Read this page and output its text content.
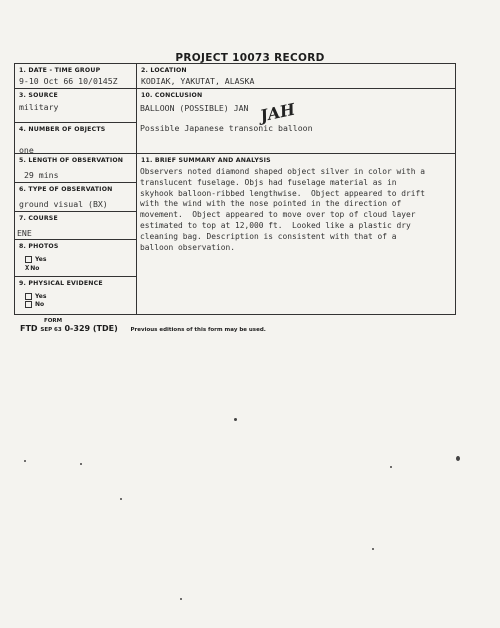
PROJECT 10073 RECORD
1. DATE - TIME GROUP
9-10 Oct 66 10/0145Z
3. SOURCE
military
4. NUMBER OF OBJECTS
one
5. LENGTH OF OBSERVATION
29 mins
6. TYPE OF OBSERVATION
ground visual (BX)
7. COURSE
ENE
8. PHOTOS
Yes
XNo
9. PHYSICAL EVIDENCE
Yes
No
2. LOCATION
KODIAK, YAKUTAT, ALASKA
10. CONCLUSION
BALLOON (POSSIBLE) JAN
Possible Japanese transonic balloon
11. BRIEF SUMMARY AND ANALYSIS
Observers noted diamond shaped object silver in color with a
translucent fuselage. Objs had fuselage material as in
skyhook balloon-ribbed lengthwise.  Object appeared to drift
with the wind with the nose pointed in the direction of
movement.  Object appeared to move over top of cloud layer
estimated to top at 12,000 ft.  Looked like a plastic dry
cleaning bag. Description is consistent with that of a
balloon observation.
JAH
FORM
FTD SEP 63 0-329 (TDE) Previous editions of this form may be used.
